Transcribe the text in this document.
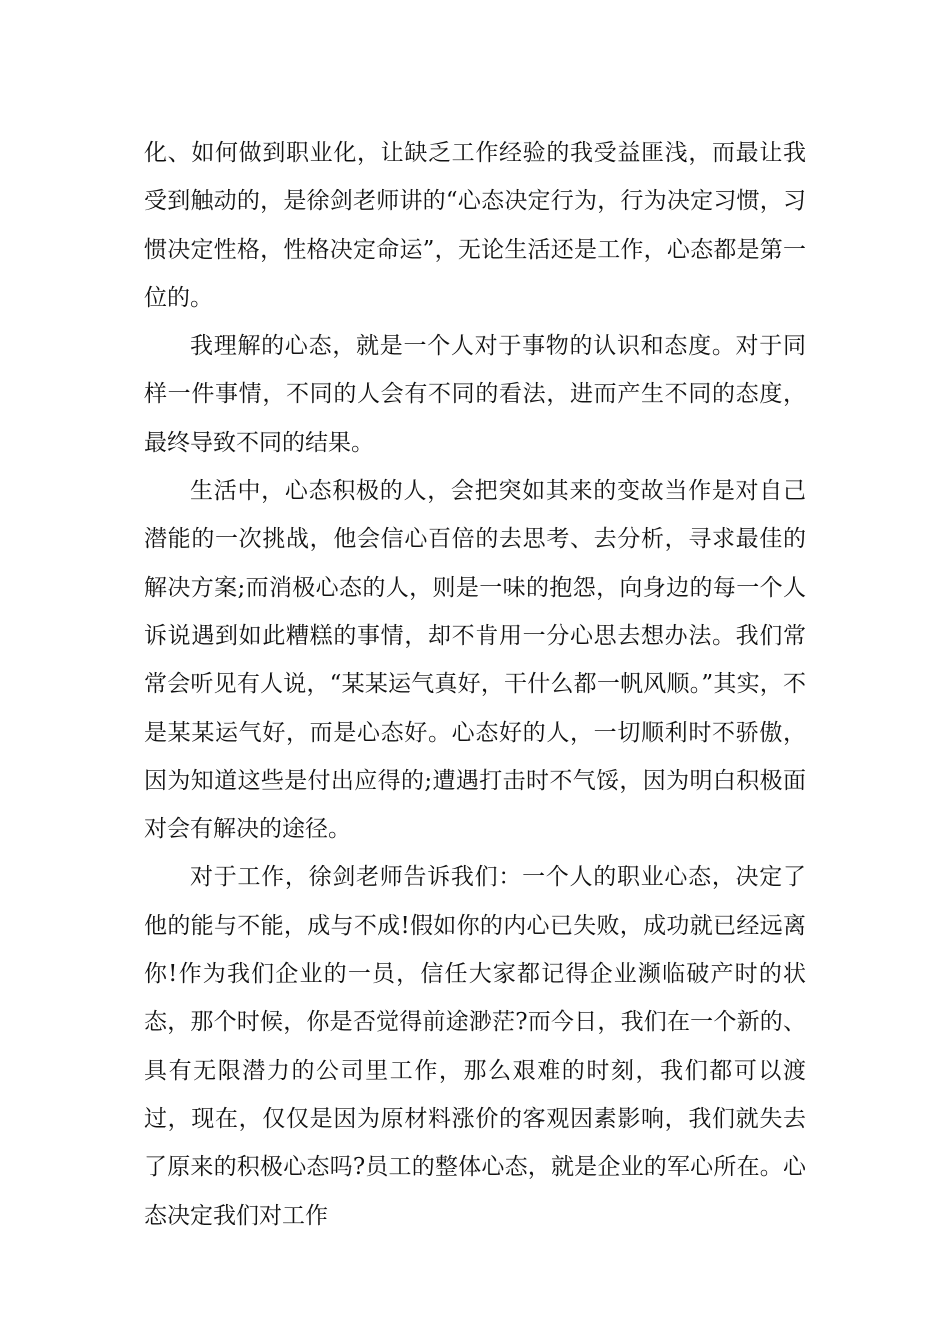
化、如何做到职业化，让缺乏工作经验的我受益匪浅，而最让我受到触动的，是徐剑老师讲的“心态决定行为，行为决定习惯，习惯决定性格，性格决定命运”，无论生活还是工作，心态都是第一位的。

我理解的心态，就是一个人对于事物的认识和态度。对于同样一件事情，不同的人会有不同的看法，进而产生不同的态度，最终导致不同的结果。

生活中，心态积极的人，会把突如其来的变故当作是对自己潜能的一次挑战，他会信心百倍的去思考、去分析，寻求最佳的解决方案;而消极心态的人，则是一味的抱怨，向身边的每一个人诉说遇到如此糟糕的事情，却不肯用一分心思去想办法。我们常常会听见有人说，“某某运气真好，干什么都一帆风顺。”其实，不是某某运气好，而是心态好。心态好的人，一切顺利时不骄傲，因为知道这些是付出应得的;遭遇打击时不气馁，因为明白积极面对会有解决的途径。

对于工作，徐剑老师告诉我们：一个人的职业心态，决定了他的能与不能，成与不成!假如你的内心已失败，成功就已经远离你!作为我们企业的一员，信任大家都记得企业濒临破产时的状态，那个时候，你是否觉得前途渺茫?而今日，我们在一个新的、具有无限潜力的公司里工作，那么艰难的时刻，我们都可以渡过，现在，仅仅是因为原材料涨价的客观因素影响，我们就失去了原来的积极心态吗?员工的整体心态，就是企业的军心所在。心态决定我们对工作
